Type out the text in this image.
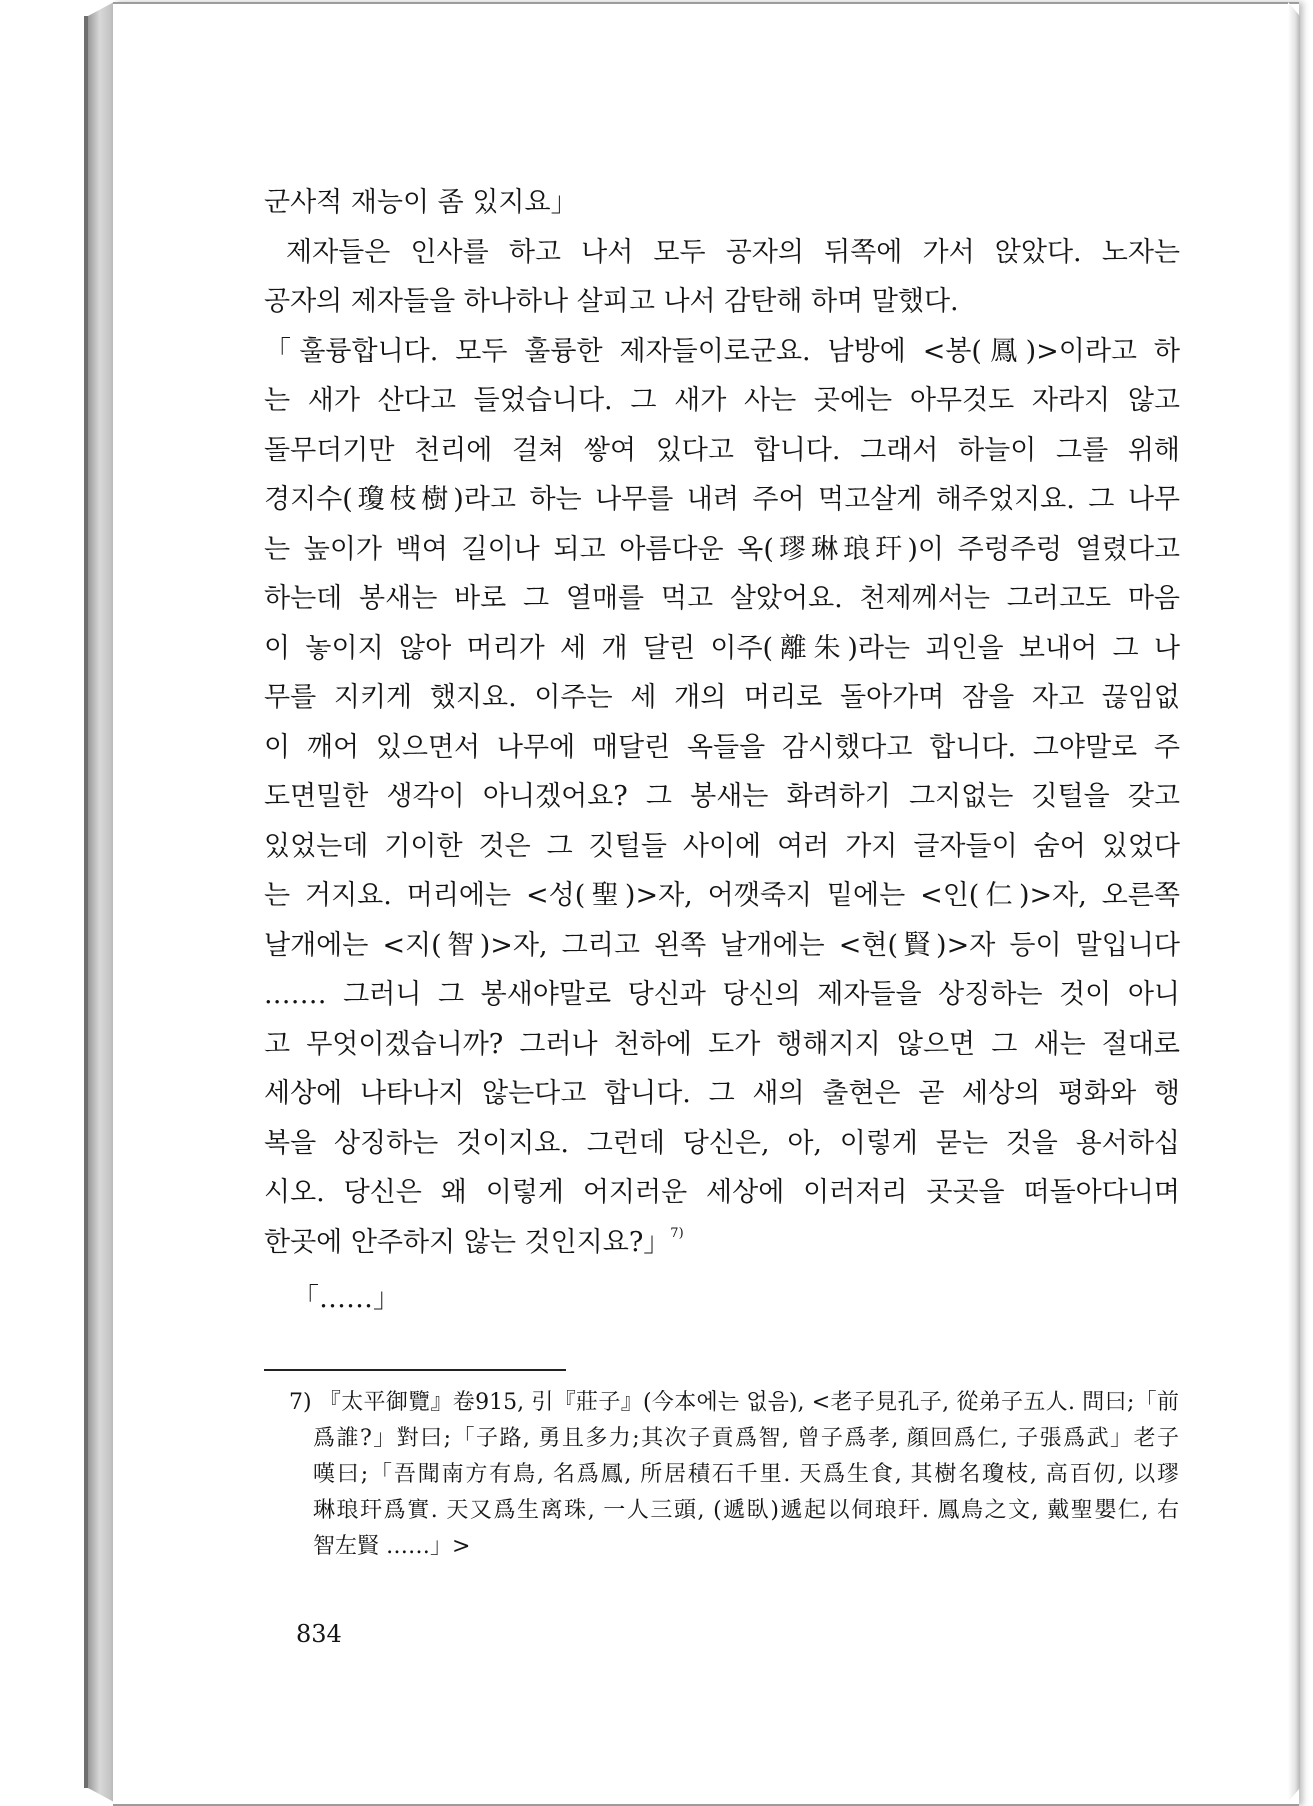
군사적 재능이 좀 있지요」
제자들은 인사를 하고 나서 모두 공자의 뒤쪽에 가서 앉았다. 노자는
공자의 제자들을 하나하나 살피고 나서 감탄해 하며 말했다.
「훌륭합니다. 모두 훌륭한 제자들이로군요. 남방에 <봉(鳳)>이라고 하
는 새가 산다고 들었습니다. 그 새가 사는 곳에는 아무것도 자라지 않고
돌무더기만 천리에 걸쳐 쌓여 있다고 합니다. 그래서 하늘이 그를 위해
경지수(瓊枝樹)라고 하는 나무를 내려 주어 먹고살게 해주었지요. 그 나무
는 높이가 백여 길이나 되고 아름다운 옥(璆琳琅玕)이 주렁주렁 열렸다고
하는데 봉새는 바로 그 열매를 먹고 살았어요. 천제께서는 그러고도 마음
이 놓이지 않아 머리가 세 개 달린 이주(離朱)라는 괴인을 보내어 그 나
무를 지키게 했지요. 이주는 세 개의 머리로 돌아가며 잠을 자고 끊임없
이 깨어 있으면서 나무에 매달린 옥들을 감시했다고 합니다. 그야말로 주
도면밀한 생각이 아니겠어요? 그 봉새는 화려하기 그지없는 깃털을 갖고
있었는데 기이한 것은 그 깃털들 사이에 여러 가지 글자들이 숨어 있었다
는 거지요. 머리에는 <성(聖)>자, 어깻죽지 밑에는 <인(仁)>자, 오른쪽
날개에는 <지(智)>자, 그리고 왼쪽 날개에는 <현(賢)>자 등이 말입니다
.…… 그러니 그 봉새야말로 당신과 당신의 제자들을 상징하는 것이 아니
고 무엇이겠습니까? 그러나 천하에 도가 행해지지 않으면 그 새는 절대로
세상에 나타나지 않는다고 합니다. 그 새의 출현은 곧 세상의 평화와 행
복을 상징하는 것이지요. 그런데 당신은, 아, 이렇게 묻는 것을 용서하십
시오. 당신은 왜 이렇게 어지러운 세상에 이러저리 곳곳을 떠돌아다니며
한곳에 안주하지 않는 것인지요?」$^{7)}$
「……」
7) 『太平御覽』卷915, 引『莊子』(今本에는 없음), <老子見孔子, 從弟子五人. 問曰;「前
爲誰?」對曰;「子路, 勇且多力;其次子貢爲智, 曾子爲孝, 顔回爲仁, 子張爲武」老子
嘆曰;「吾聞南方有鳥, 名爲鳳, 所居積石千里. 天爲生食, 其樹名瓊枝, 高百仞, 以璆
琳琅玕爲實. 天又爲生离珠, 一人三頭, (遞臥)遞起以伺琅玕. 鳳鳥之文, 戴聖嬰仁, 右
智左賢 ……」>
834
